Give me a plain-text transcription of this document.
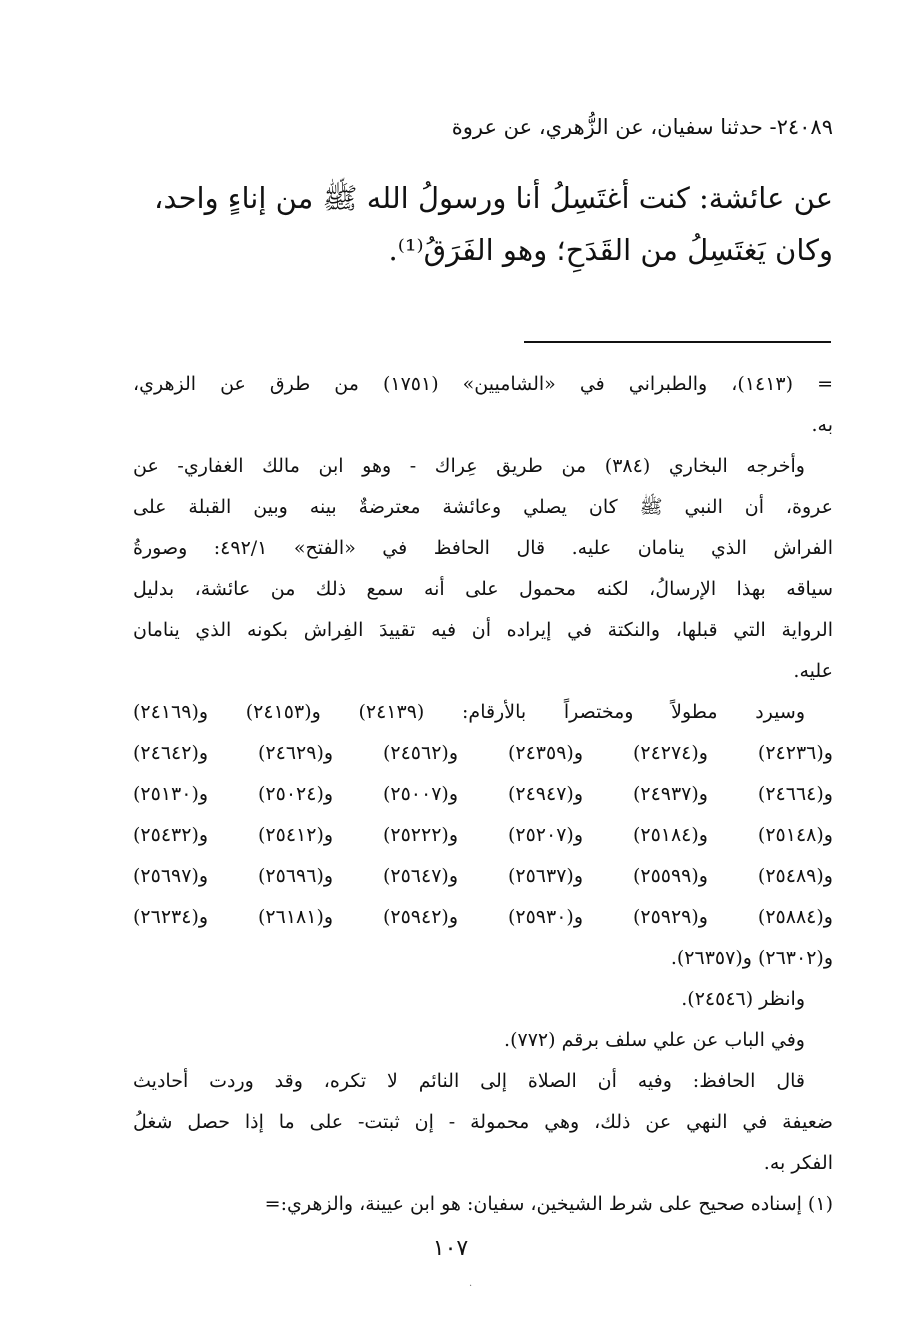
٢٤٠٨٩- حدثنا سفيان، عن الزُّهري، عن عروة
عن عائشة: كنت أغتَسِلُ أنا ورسولُ الله ﷺ من إناءٍ واحد،
وكان يَغتَسِلُ من القَدَحِ؛ وهو الفَرَقُ⁽¹⁾.
= (١٤١٣)، والطبراني في «الشاميين» (١٧٥١) من طرق عن الزهري،
به.
وأخرجه البخاري (٣٨٤) من طريق عِراك - وهو ابن مالك الغفاري- عن
عروة، أن النبي ﷺ كان يصلي وعائشة معترضةٌ بينه وبين القبلة على
الفراش الذي ينامان عليه. قال الحافظ في «الفتح» ٤٩٢/١: وصورةُ
سياقه بهذا الإرسالُ، لكنه محمول على أنه سمع ذلك من عائشة، بدليل
الرواية التي قبلها، والنكتة في إيراده أن فيه تقييدَ الفِراش بكونه الذي ينامان
عليه.
وسيرد مطولاً ومختصراً بالأرقام: (٢٤١٣٩) و(٢٤١٥٣) و(٢٤١٦٩)
و(٢٤٢٣٦) و(٢٤٢٧٤) و(٢٤٣٥٩) و(٢٤٥٦٢) و(٢٤٦٢٩) و(٢٤٦٤٢)
و(٢٤٦٦٤) و(٢٤٩٣٧) و(٢٤٩٤٧) و(٢٥٠٠٧) و(٢٥٠٢٤) و(٢٥١٣٠)
و(٢٥١٤٨) و(٢٥١٨٤) و(٢٥٢٠٧) و(٢٥٢٢٢) و(٢٥٤١٢) و(٢٥٤٣٢)
و(٢٥٤٨٩) و(٢٥٥٩٩) و(٢٥٦٣٧) و(٢٥٦٤٧) و(٢٥٦٩٦) و(٢٥٦٩٧)
و(٢٥٨٨٤) و(٢٥٩٢٩) و(٢٥٩٣٠) و(٢٥٩٤٢) و(٢٦١٨١) و(٢٦٢٣٤)
و(٢٦٣٠٢) و(٢٦٣٥٧).
وانظر (٢٤٥٤٦).
وفي الباب عن علي سلف برقم (٧٧٢).
قال الحافظ: وفيه أن الصلاة إلى النائم لا تكره، وقد وردت أحاديث
ضعيفة في النهي عن ذلك، وهي محمولة - إن ثبتت- على ما إذا حصل شغلُ
الفكر به.
(١) إسناده صحيح على شرط الشيخين، سفيان: هو ابن عيينة، والزهري:=
١٠٧
·
